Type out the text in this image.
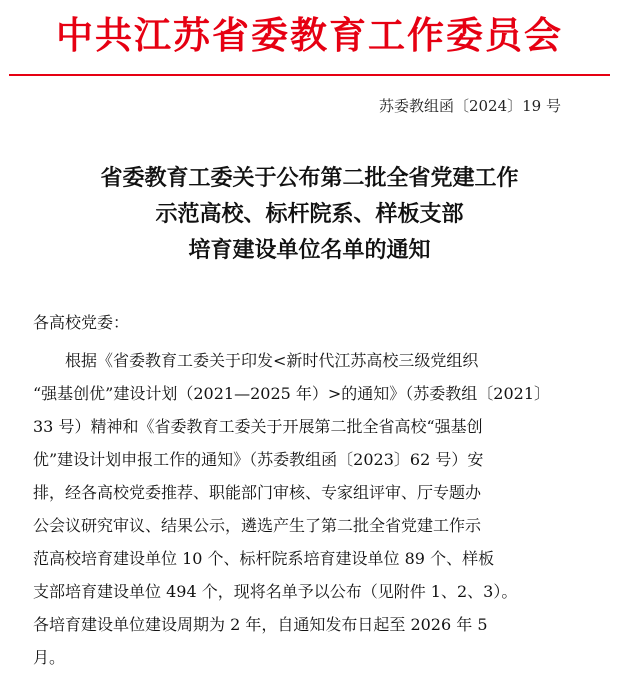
中共江苏省委教育工作委员会
苏委教组函〔2024〕19 号
省委教育工委关于公布第二批全省党建工作
示范高校、标杆院系、样板支部
培育建设单位名单的通知
各高校党委：
根据《省委教育工委关于印发<新时代江苏高校三级党组织
“强基创优”建设计划（2021—2025 年）>的通知》（苏委教组〔2021〕
33 号）精神和《省委教育工委关于开展第二批全省高校“强基创
优”建设计划申报工作的通知》（苏委教组函〔2023〕62 号）安
排，经各高校党委推荐、职能部门审核、专家组评审、厅专题办
公会议研究审议、结果公示，遴选产生了第二批全省党建工作示
范高校培育建设单位 10 个、标杆院系培育建设单位 89 个、样板
支部培育建设单位 494 个，现将名单予以公布（见附件 1、2、3）。
各培育建设单位建设周期为 2 年，自通知发布日起至 2026 年 5
月。
